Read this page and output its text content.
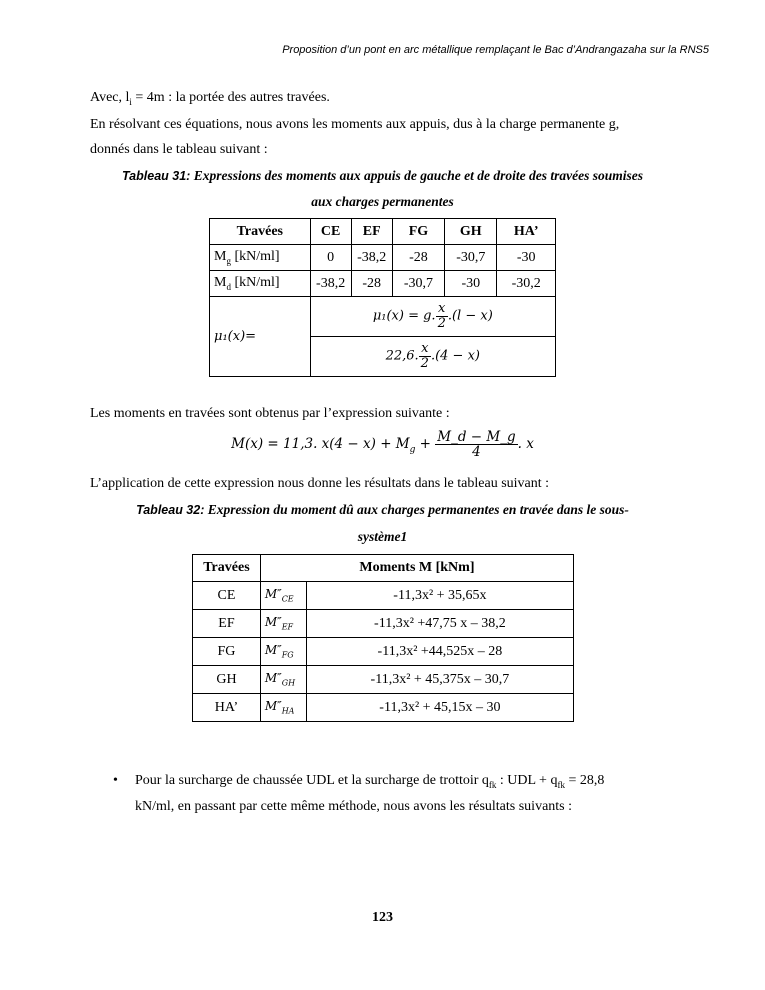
Proposition d’un pont en arc métallique remplaçant le Bac d’Andrangazaha sur la RNS5
Avec, $l_i = 4m$ : la portée des autres travées.
En résolvant ces équations, nous avons les moments aux appuis, dus à la charge permanente g,
donnés dans le tableau suivant :
Tableau 31: Expressions des moments aux appuis de gauche et de droite des travées soumises
aux charges permanentes
Travées	CE	EF	FG	GH	HA’
$M_g$ [kN/ml]	0	-38,2	-28	-30,7	-30
$M_d$ [kN/ml]	-38,2	-28	-30,7	-30	-30,2
μ₁(x)=	μ₁(x) = g. $\frac{x}{2} .(l - x)$				
	22,6. $\frac{x}{2} .(4 - x)$				
Les moments en travées sont obtenus par l’expression suivante :
M(x) = 11,3. $x(4 - x) + M_g + \frac{M\_d - M\_g}{4}$ . x
L’application de cette expression nous donne les résultats dans le tableau suivant :
Tableau 32: Expression du moment dû aux charges permanentes en travée dans le sous-
système1
Travées	Moments M [kNm]	
CE	$M''_{CE}$	-11,3x² + 35,65x
EF	$M''_{EF}$	-11,3x² +47,75 x – 38,2
FG	$M''_{FG}$	-11,3x² +44,525x – 28
GH	$M''_{GH}$	-11,3x² + 45,375x – 30,7
HA’	$M''_{HA}$	-11,3x² + 45,15x – 30
• Pour la surcharge de chaussée UDL et la surcharge de trottoir $q_{fk}$ : UDL + $q_{fk} = 28,8$
kN/ml, en passant par cette même méthode, nous avons les résultats suivants :
123
